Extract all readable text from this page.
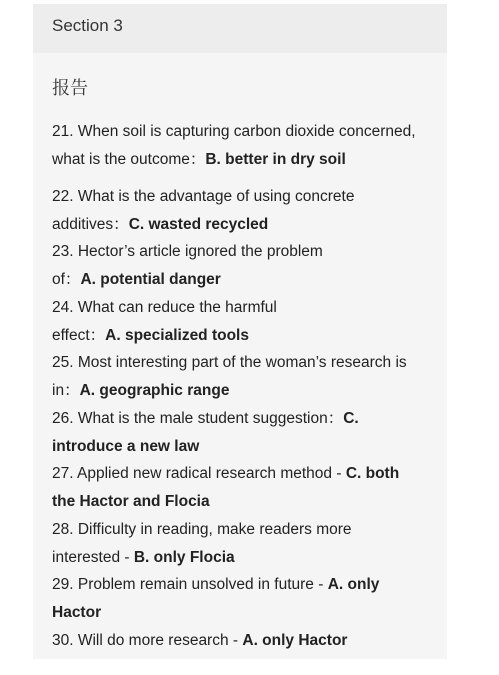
Section 3
报告
21. When soil is capturing carbon dioxide concerned,
what is the outcome：B. better in dry soil
22. What is the advantage of using concrete
additives：C. wasted recycled
23. Hector’s article ignored the problem
of：A. potential danger
24. What can reduce the harmful
effect：A. specialized tools
25. Most interesting part of the woman’s research is
in：A. geographic range
26. What is the male student suggestion：C.
introduce a new law
27. Applied new radical research method - C. both
the Hactor and Flocia
28. Difficulty in reading, make readers more
interested - B. only Flocia
29. Problem remain unsolved in future - A. only
Hactor
30. Will do more research - A. only Hactor
